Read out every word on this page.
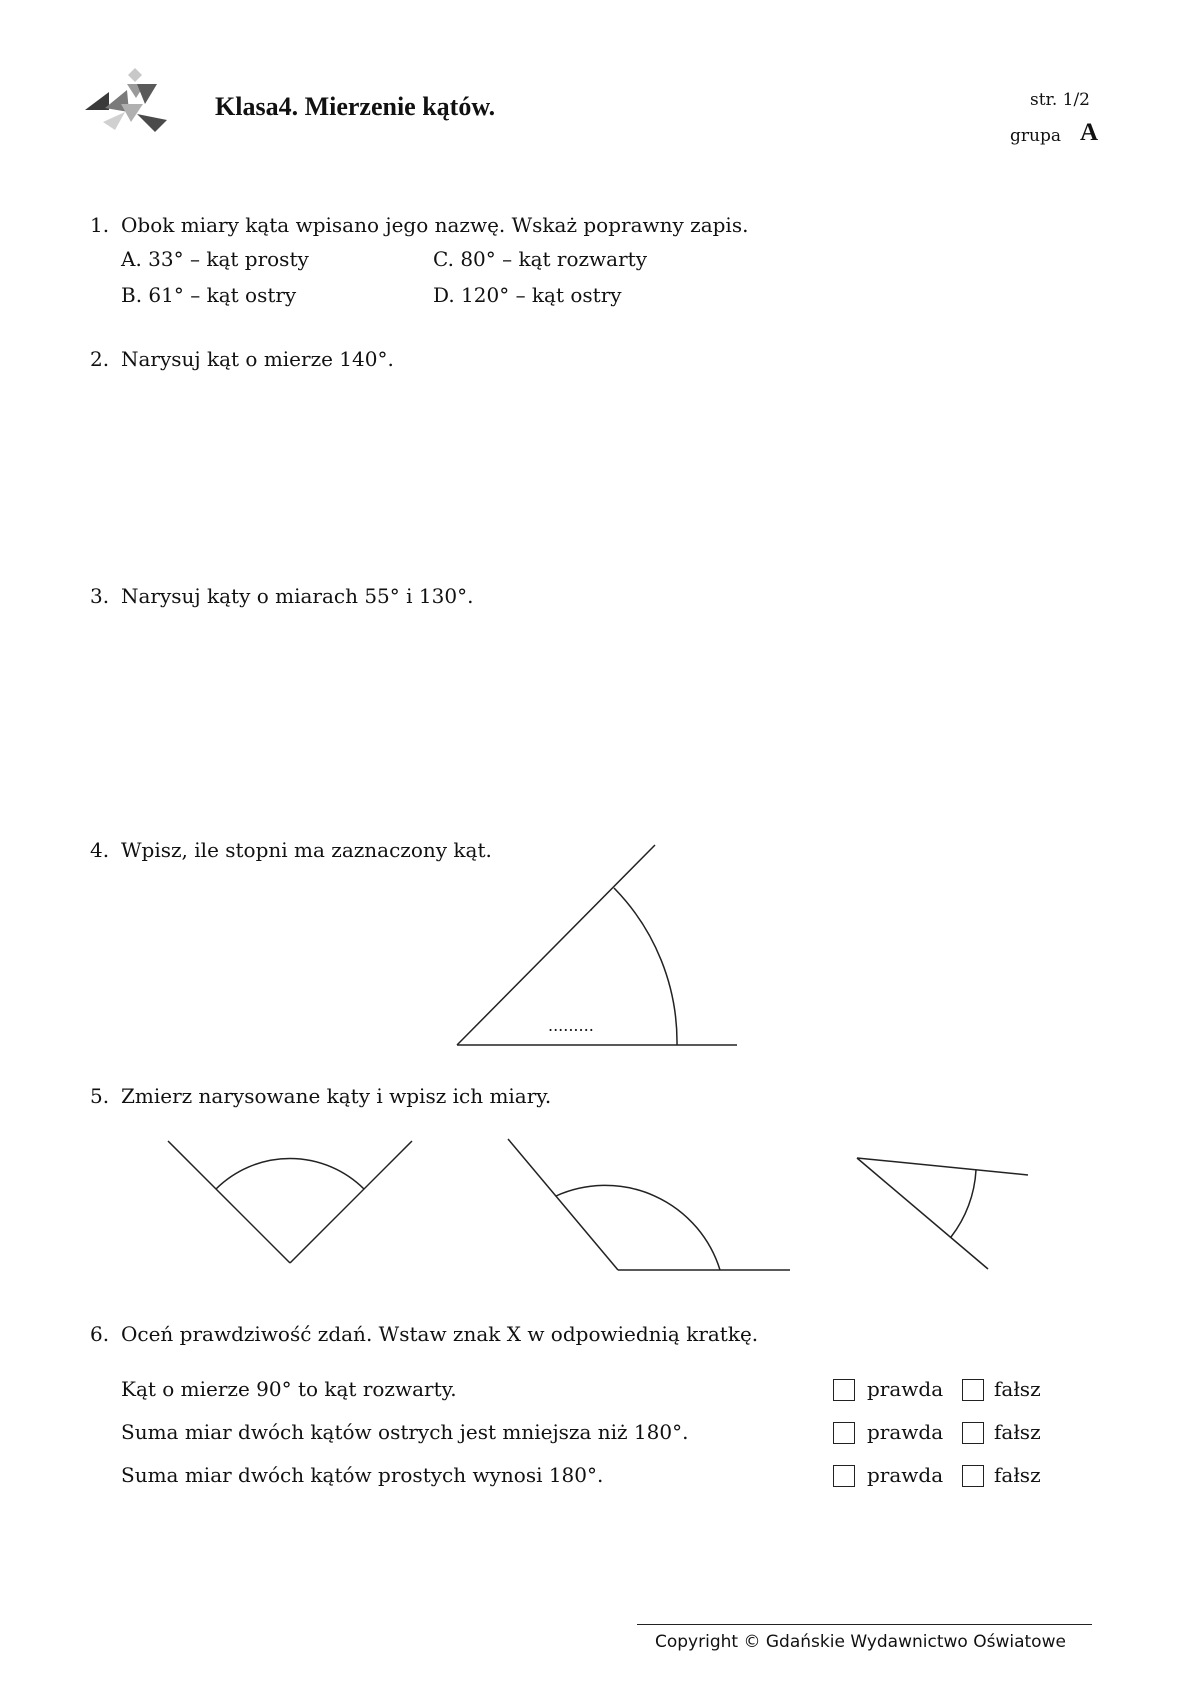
Klasa4. Mierzenie kątów.	str. 1/2
grupa A
1. Obok miary kąta wpisano jego nazwę. Wskaż poprawny zapis.
A. 33° – kąt prosty
B. 61° – kąt ostry
C. 80° – kąt rozwarty
D. 120° – kąt ostry
2. Narysuj kąt o mierze 140°.
3. Narysuj kąty o miarach 55° i 130°.
4. Wpisz, ile stopni ma zaznaczony kąt.
.........
5. Zmierz narysowane kąty i wpisz ich miary.
6. Oceń prawdziwość zdań. Wstaw znak X w odpowiednią kratkę.
Kąt o mierze 90° to kąt rozwarty.	prawda	fałsz
Suma miar dwóch kątów ostrych jest mniejsza niż 180°.	prawda	fałsz
Suma miar dwóch kątów prostych wynosi 180°.	prawda	fałsz
Copyright © Gdańskie Wydawnictwo Oświatowe
